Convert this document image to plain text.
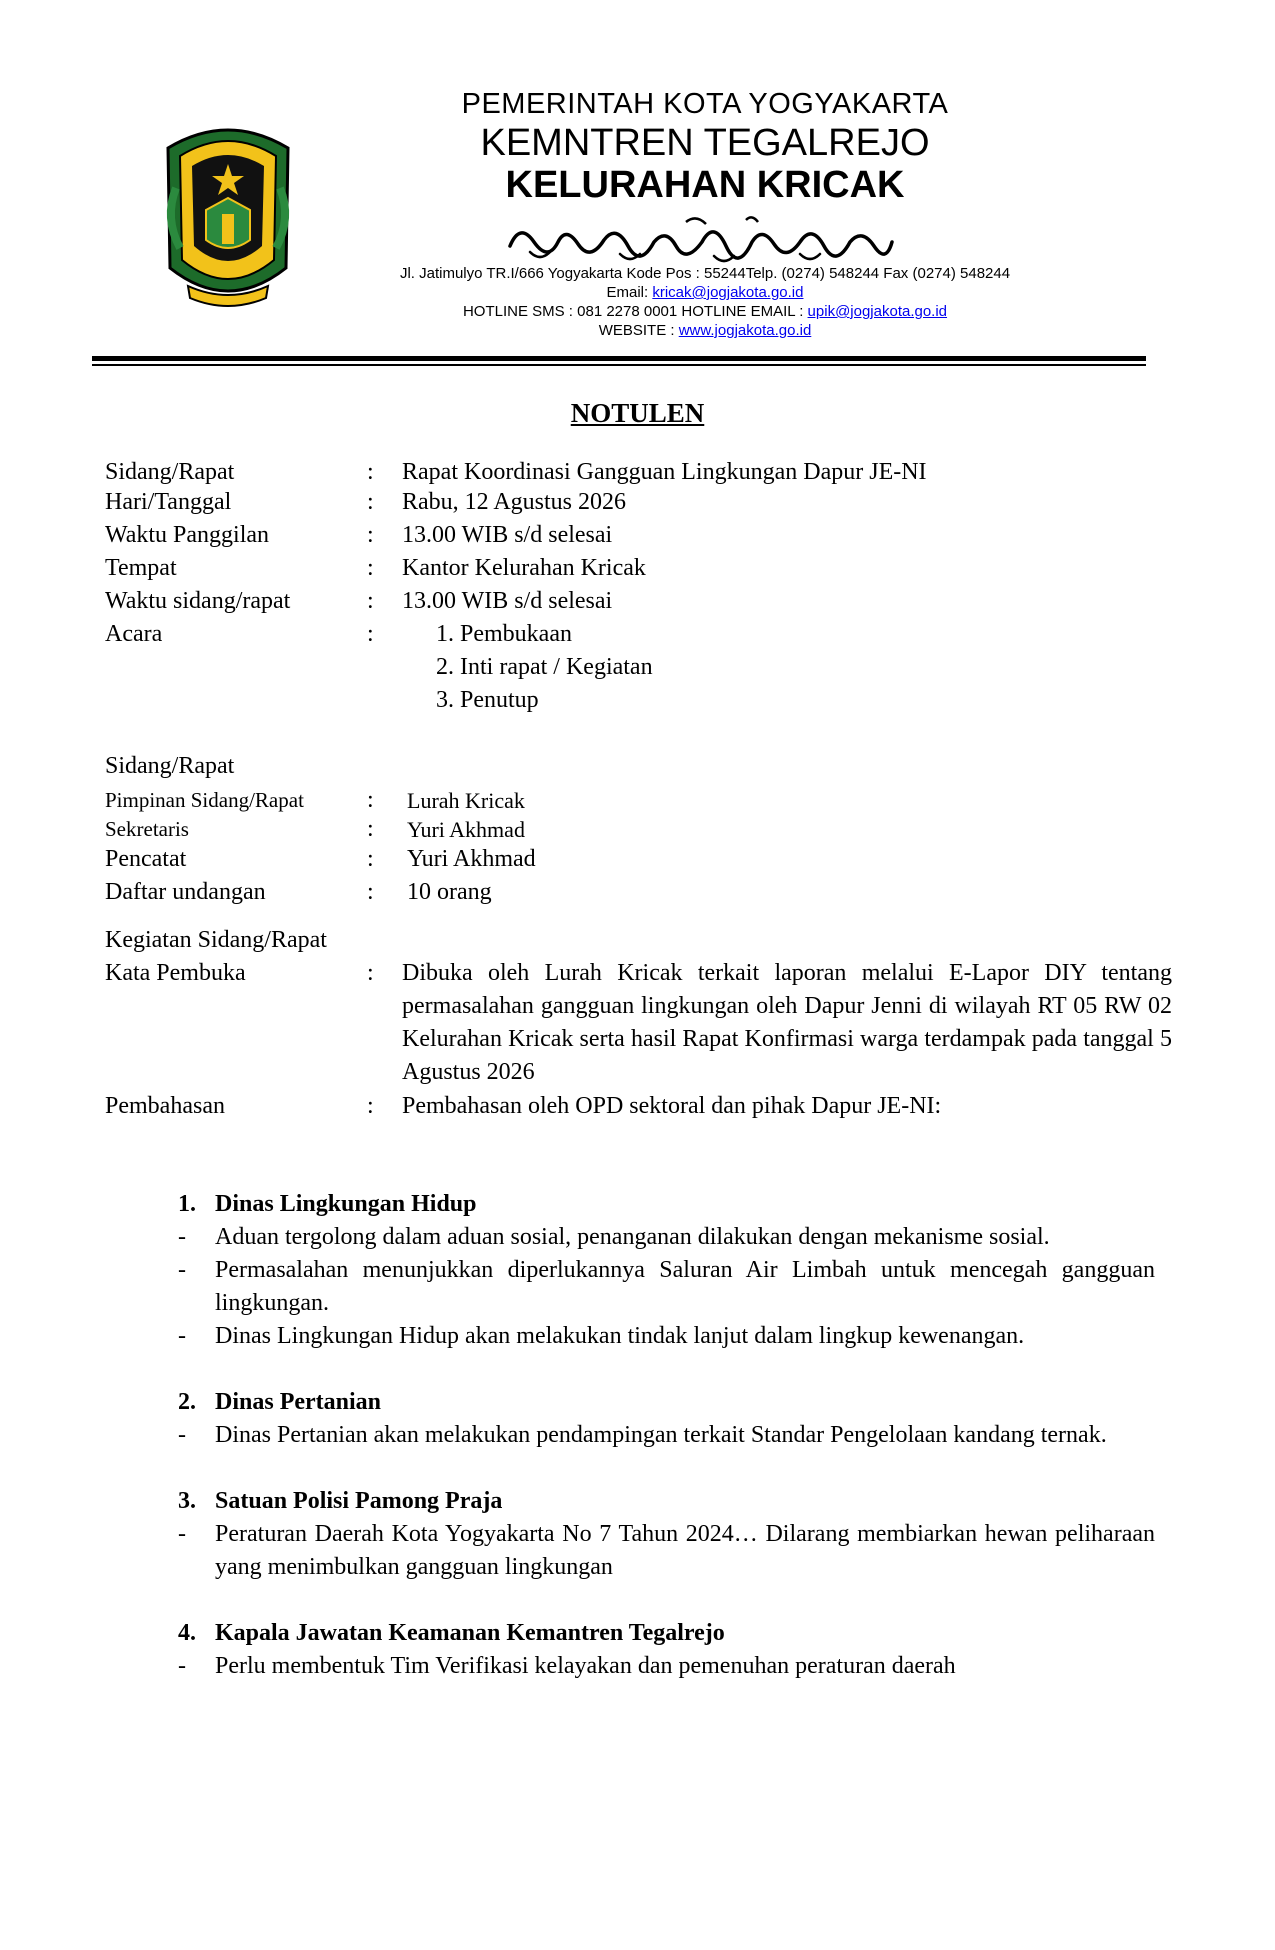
PEMERINTAH KOTA YOGYAKARTA
KEMNTREN TEGALREJO
KELURAHAN KRICAK
Jl. Jatimulyo TR.I/666 Yogyakarta Kode Pos : 55244Telp. (0274) 548244 Fax (0274) 548244
Email: kricak@jogjakota.go.id
HOTLINE SMS : 081 2278 0001 HOTLINE EMAIL : upik@jogjakota.go.id
WEBSITE : www.jogjakota.go.id
NOTULEN
Sidang/Rapat	: Rapat Koordinasi Gangguan Lingkungan Dapur JE-NI
Hari/Tanggal	: Rabu, 12 Agustus 2026
Waktu Panggilan	: 13.00 WIB s/d selesai
Tempat	: Kantor Kelurahan Kricak
Waktu sidang/rapat	: 13.00 WIB s/d selesai
Acara	:	1. Pembukaan
2. Inti rapat / Kegiatan
3. Penutup
Sidang/Rapat
Pimpinan Sidang/Rapat	: Lurah Kricak
Sekretaris	: Yuri Akhmad
Pencatat	: Yuri Akhmad
Daftar undangan	: 10 orang
Kegiatan Sidang/Rapat
Kata Pembuka	: Dibuka oleh Lurah Kricak terkait laporan melalui E-Lapor DIY tentang permasalahan gangguan lingkungan oleh Dapur Jenni di wilayah RT 05 RW 02 Kelurahan Kricak serta hasil Rapat Konfirmasi warga terdampak pada tanggal 5 Agustus 2026
Pembahasan	: Pembahasan oleh OPD sektoral dan pihak Dapur JE-NI:
1. Dinas Lingkungan Hidup
- Aduan tergolong dalam aduan sosial, penanganan dilakukan dengan mekanisme sosial.
- Permasalahan menunjukkan diperlukannya Saluran Air Limbah untuk mencegah gangguan lingkungan.
- Dinas Lingkungan Hidup akan melakukan tindak lanjut dalam lingkup kewenangan.
2. Dinas Pertanian
- Dinas Pertanian akan melakukan pendampingan terkait Standar Pengelolaan kandang ternak.
3. Satuan Polisi Pamong Praja
- Peraturan Daerah Kota Yogyakarta No 7 Tahun 2024… Dilarang membiarkan hewan peliharaan yang menimbulkan gangguan lingkungan
4. Kapala Jawatan Keamanan Kemantren Tegalrejo
- Perlu membentuk Tim Verifikasi kelayakan dan pemenuhan peraturan daerah
